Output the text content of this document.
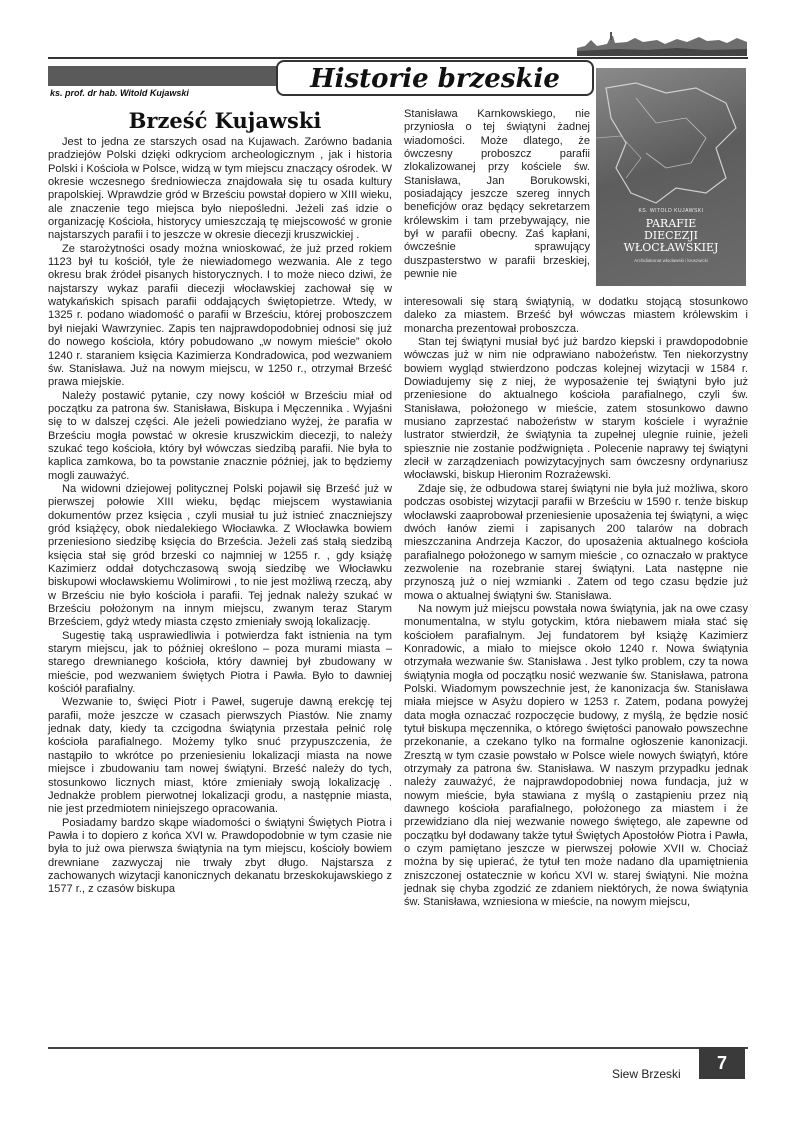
Historie brzeskie
ks. prof. dr hab. Witold Kujawski
Brześć Kujawski

Jest to jedna ze starszych osad na Kujawach. Zarówno badania pradziejów Polski dzięki odkryciom archeologicznym , jak i historia Polski i Kościoła w Polsce, widzą w tym miejscu znaczący ośrodek. W okresie wczesnego średniowiecza znajdowała się tu osada kultury prapolskiej. Wprawdzie gród w Brześciu powstał dopiero w XIII wieku, ale znaczenie tego miejsca było niepośledni. Jeżeli zaś idzie o organizację Kościoła, historycy umieszczają tę miejscowość w gronie najstarszych parafii i to jeszcze w okresie diecezji kruszwickiej .

Ze starożytności osady można wnioskować, że już przed rokiem 1123 był tu kościół, tyle że niewiadomego wezwania. Ale z tego okresu brak źródeł pisanych historycznych. I to może nieco dziwi, że najstarszy wykaz parafii diecezji włocławskiej zachował się w watykańskich spisach parafii oddających świętopietrze. Wtedy, w 1325 r. podano wiadomość o parafii w Brześciu, której proboszczem był niejaki Wawrzyniec. Zapis ten najprawdopodobniej odnosi się już do nowego kościoła, który pobudowano „w nowym mieście” około 1240 r. staraniem księcia Kazimierza Kondradowica, pod wezwaniem św. Stanisława. Już na nowym miejscu, w 1250 r., otrzymał Brześć prawa miejskie.

Należy postawić pytanie, czy nowy kościół w Brześciu miał od początku za patrona św. Stanisława, Biskupa i Męczennika . Wyjaśni się to w dalszej części. Ale jeżeli powiedziano wyżej, że parafia w Brześciu mogła powstać w okresie kruszwickim diecezji, to należy szukać tego kościoła, który był wówczas siedzibą parafii. Nie była to kaplica zamkowa, bo ta powstanie znacznie później, jak to będziemy mogli zauważyć.

Na widowni dziejowej politycznej Polski pojawił się Brześć już w pierwszej połowie XIII wieku, będąc miejscem wystawiania dokumentów przez księcia , czyli musiał tu już istnieć znaczniejszy gród książęcy, obok niedalekiego Włocławka. Z Włocławka bowiem przeniesiono siedzibę księcia do Brześcia. Jeżeli zaś stałą siedzibą księcia stał się gród brzeski co najmniej w 1255 r. , gdy książę Kazimierz oddał dotychczasową swoją siedzibę we Włocławku biskupowi włocławskiemu Wolimirowi , to nie jest możliwą rzeczą, aby w Brześciu nie było kościoła i parafii. Tej jednak należy szukać w Brześciu położonym na innym miejscu, zwanym teraz Starym Brześciem, gdyż wtedy miasta często zmieniały swoją lokalizację.

Sugestię taką usprawiedliwia i potwierdza fakt istnienia na tym starym miejscu, jak to później określono – poza murami miasta – starego drewnianego kościoła, który dawniej był zbudowany w mieście, pod wezwaniem świętych Piotra i Pawła. Było to dawniej kościół parafialny.

Wezwanie to, święci Piotr i Paweł, sugeruje dawną erekcję tej parafii, może jeszcze w czasach pierwszych Piastów. Nie znamy jednak daty, kiedy ta czcigodna świątynia przestała pełnić rolę kościoła parafialnego. Możemy tylko snuć przypuszczenia, że nastąpiło to wkrótce po przeniesieniu lokalizacji miasta na nowe miejsce i zbudowaniu tam nowej świątyni. Brześć należy do tych, stosunkowo licznych miast, które zmieniały swoją lokalizację . Jednakże problem pierwotnej lokalizacji grodu, a następnie miasta, nie jest przedmiotem niniejszego opracowania.

Posiadamy bardzo skąpe wiadomości o świątyni Świętych Piotra i Pawła i to dopiero z końca XVI w. Prawdopodobnie w tym czasie nie była to już owa pierwsza świątynia na tym miejscu, kościoły bowiem drewniane zazwyczaj nie trwały zbyt długo. Najstarsza z zachowanych wizytacji kanonicznych dekanatu brzeskokujawskiego z 1577 r., z czasów biskupa

Stanisława Karnkowskiego, nie przyniosła o tej świątyni żadnej wiadomości. Może dlatego, że ówczesny proboszcz parafii zlokalizowanej przy kościele św. Stanisława, Jan Borukowski, posiadający jeszcze szereg innych beneficjów oraz będący sekretarzem królewskim i tam przebywający, nie był w parafii obecny. Zaś kapłani, ówcześnie sprawujący duszpasterstwo w parafii brzeskiej, pewnie nie

KS. WITOLD KUJAWSKI
PARAFIE
DIECEZJI
WŁOCŁAWSKIEJ
Archidiakonat włocławski i kruszwicki

interesowali się starą świątynią, w dodatku stojącą stosunkowo daleko za miastem. Brześć był wówczas miastem królewskim i monarcha prezentował proboszcza.

Stan tej świątyni musiał być już bardzo kiepski i prawdopodobnie wówczas już w nim nie odprawiano nabożeństw. Ten niekorzystny bowiem wygląd stwierdzono podczas kolejnej wizytacji w 1584 r. Dowiadujemy się z niej, że wyposażenie tej świątyni było już przeniesione do aktualnego kościoła parafialnego, czyli św. Stanisława, położonego w mieście, zatem stosunkowo dawno musiano zaprzestać nabożeństw w starym kościele i wyraźnie lustrator stwierdził, że świątynia ta zupełnej ulegnie ruinie, jeżeli spiesznie nie zostanie podźwignięta . Polecenie naprawy tej świątyni zlecił w zarządzeniach powizytacyjnych sam ówczesny ordynariusz włocławski, biskup Hieronim Rozrażewski.

Zdaje się, że odbudowa starej świątyni nie była już możliwa, skoro podczas osobistej wizytacji parafii w Brześciu w 1590 r. tenże biskup włocławski zaaprobował przeniesienie uposażenia tej świątyni, a więc dwóch łanów ziemi i zapisanych 200 talarów na dobrach mieszczanina Andrzeja Kaczor, do uposażenia aktualnego kościoła parafialnego położonego w samym mieście , co oznaczało w praktyce zezwolenie na rozebranie starej świątyni. Lata następne nie przynoszą już o niej wzmianki . Zatem od tego czasu będzie już mowa o aktualnej świątyni św. Stanisława.

Na nowym już miejscu powstała nowa świątynia, jak na owe czasy monumentalna, w stylu gotyckim, która niebawem miała stać się kościołem parafialnym. Jej fundatorem był książę Kazimierz Konradowic, a miało to miejsce około 1240 r. Nowa świątynia otrzymała wezwanie św. Stanisława . Jest tylko problem, czy ta nowa świątynia mogła od początku nosić wezwanie św. Stanisława, patrona Polski. Wiadomym powszechnie jest, że kanonizacja św. Stanisława miała miejsce w Asyżu dopiero w 1253 r. Zatem, podana powyżej data mogła oznaczać rozpoczęcie budowy, z myślą, że będzie nosić tytuł biskupa męczennika, o którego świętości panowało powszechne przekonanie, a czekano tylko na formalne ogłoszenie kanonizacji. Zresztą w tym czasie powstało w Polsce wiele nowych świątyń, które otrzymały za patrona św. Stanisława. W naszym przypadku jednak należy zauważyć, że najprawdopodobniej nowa fundacja, już w nowym mieście, była stawiana z myślą o zastąpieniu przez nią dawnego kościoła parafialnego, położonego za miastem i że przewidziano dla niej wezwanie nowego świętego, ale zapewne od początku był dodawany także tytuł Świętych Apostołów Piotra i Pawła, o czym pamiętano jeszcze w pierwszej połowie XVII w. Chociaż można by się upierać, że tytuł ten może nadano dla upamiętnienia zniszczonej ostatecznie w końcu XVI w. starej świątyni. Nie można jednak się chyba zgodzić ze zdaniem niektórych, że nowa świątynia św. Stanisława, wzniesiona w mieście, na nowym miejscu,

Siew Brzeski
7
